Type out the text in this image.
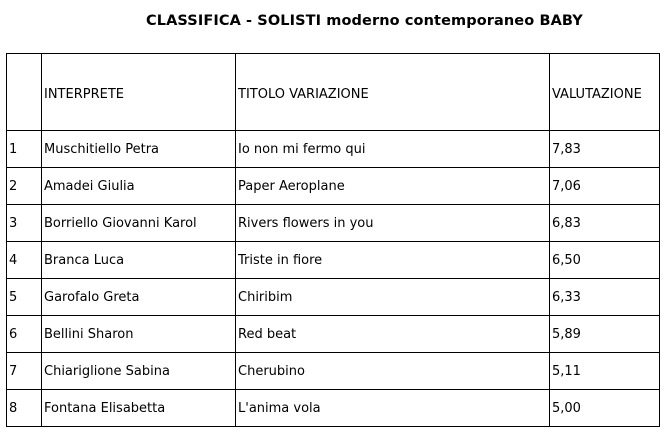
CLASSIFICA - SOLISTI moderno contemporaneo BABY
	INTERPRETE	TITOLO VARIAZIONE	VALUTAZIONE
1	Muschitiello Petra	Io non mi fermo qui	7,83
2	Amadei Giulia	Paper Aeroplane	7,06
3	Borriello Giovanni Karol	Rivers flowers in you	6,83
4	Branca Luca	Triste in fiore	6,50
5	Garofalo Greta	Chiribim	6,33
6	Bellini Sharon	Red beat	5,89
7	Chiariglione Sabina	Cherubino	5,11
8	Fontana Elisabetta	L'anima vola	5,00
